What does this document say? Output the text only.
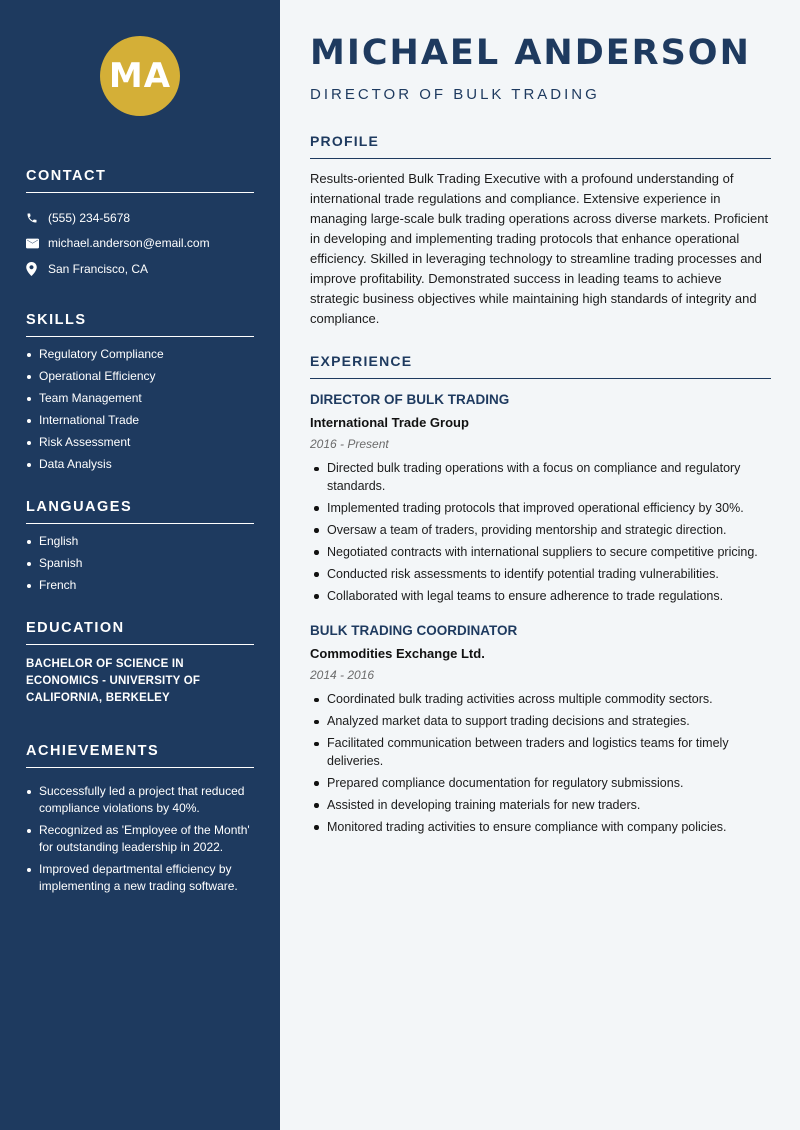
MA
CONTACT
(555) 234-5678
michael.anderson@email.com
San Francisco, CA
SKILLS
Regulatory Compliance
Operational Efficiency
Team Management
International Trade
Risk Assessment
Data Analysis
LANGUAGES
English
Spanish
French
EDUCATION
BACHELOR OF SCIENCE IN ECONOMICS - UNIVERSITY OF CALIFORNIA, BERKELEY
ACHIEVEMENTS
Successfully led a project that reduced compliance violations by 40%.
Recognized as 'Employee of the Month' for outstanding leadership in 2022.
Improved departmental efficiency by implementing a new trading software.
MICHAEL ANDERSON
DIRECTOR OF BULK TRADING
PROFILE

Results-oriented Bulk Trading Executive with a profound understanding of international trade regulations and compliance. Extensive experience in managing large-scale bulk trading operations across diverse markets. Proficient in developing and implementing trading protocols that enhance operational efficiency. Skilled in leveraging technology to streamline trading processes and improve profitability. Demonstrated success in leading teams to achieve strategic business objectives while maintaining high standards of integrity and compliance.

EXPERIENCE
DIRECTOR OF BULK TRADING
International Trade Group
2016 - Present
Directed bulk trading operations with a focus on compliance and regulatory standards.
Implemented trading protocols that improved operational efficiency by 30%.
Oversaw a team of traders, providing mentorship and strategic direction.
Negotiated contracts with international suppliers to secure competitive pricing.
Conducted risk assessments to identify potential trading vulnerabilities.
Collaborated with legal teams to ensure adherence to trade regulations.
BULK TRADING COORDINATOR
Commodities Exchange Ltd.
2014 - 2016
Coordinated bulk trading activities across multiple commodity sectors.
Analyzed market data to support trading decisions and strategies.
Facilitated communication between traders and logistics teams for timely deliveries.
Prepared compliance documentation for regulatory submissions.
Assisted in developing training materials for new traders.
Monitored trading activities to ensure compliance with company policies.
